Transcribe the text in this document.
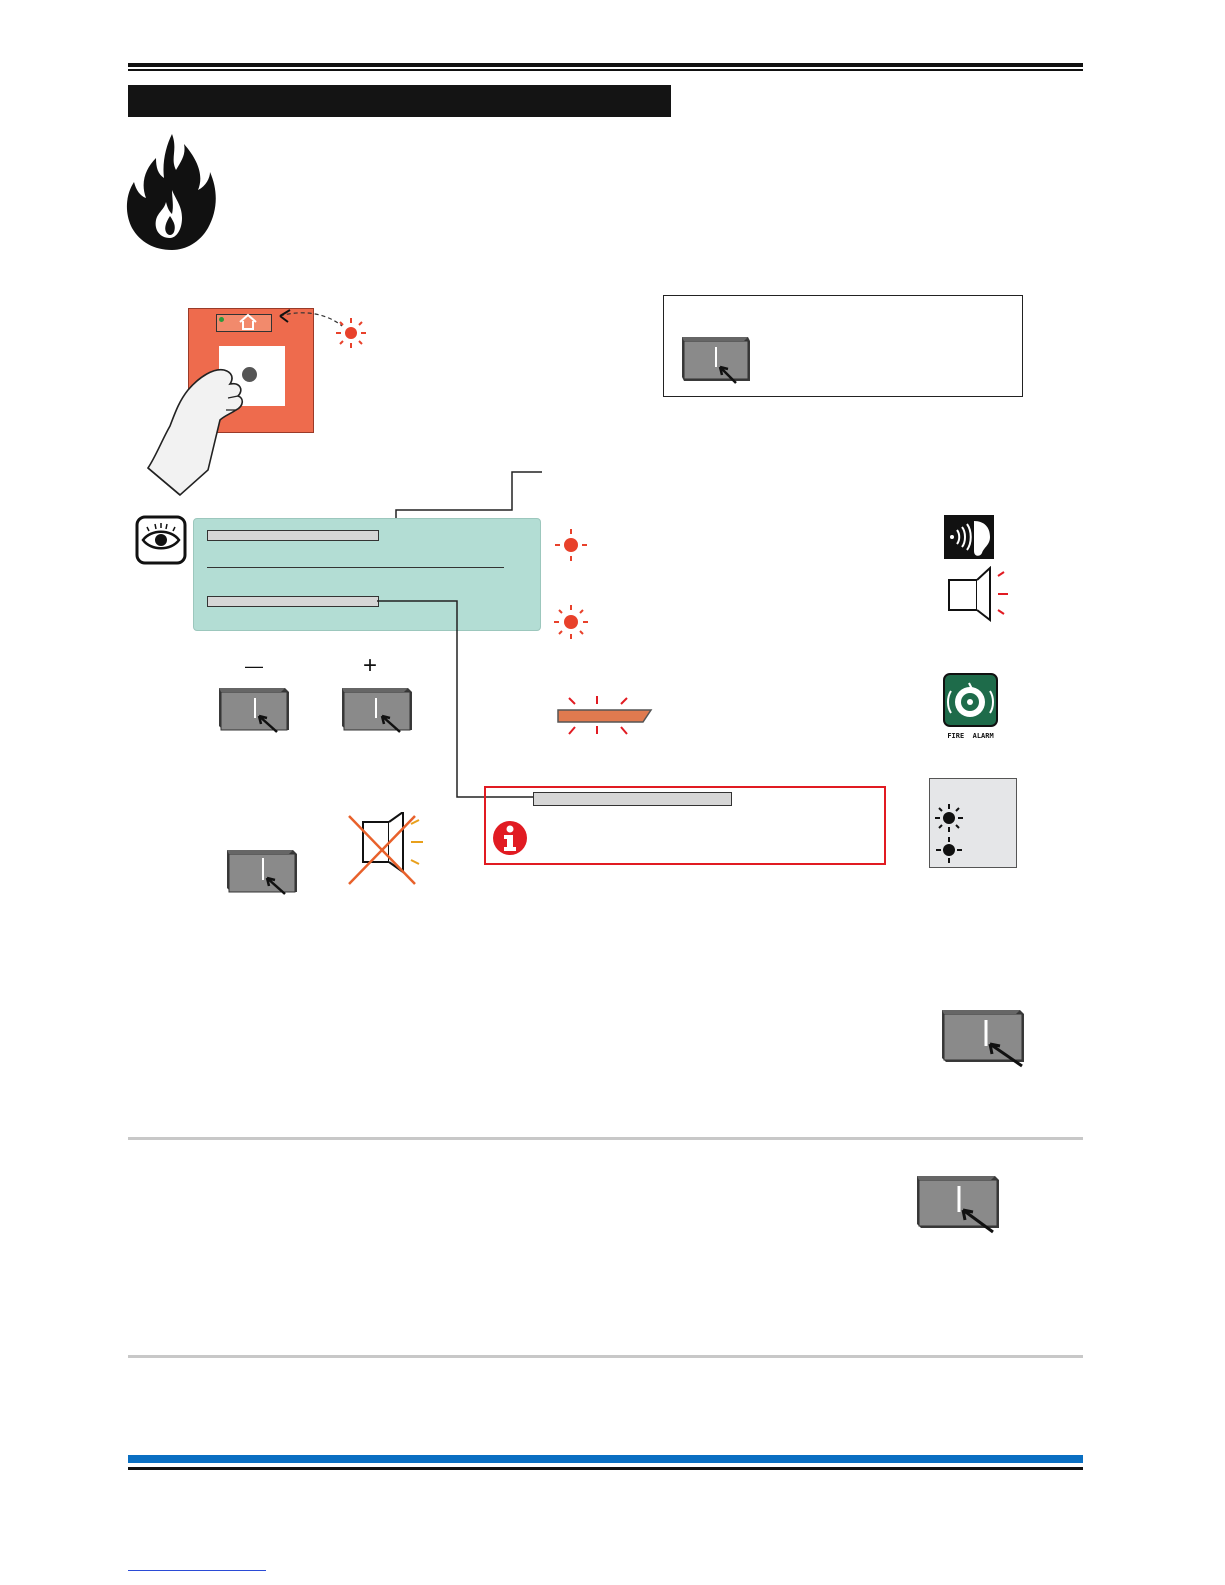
—	+
FIRE  ALARM
